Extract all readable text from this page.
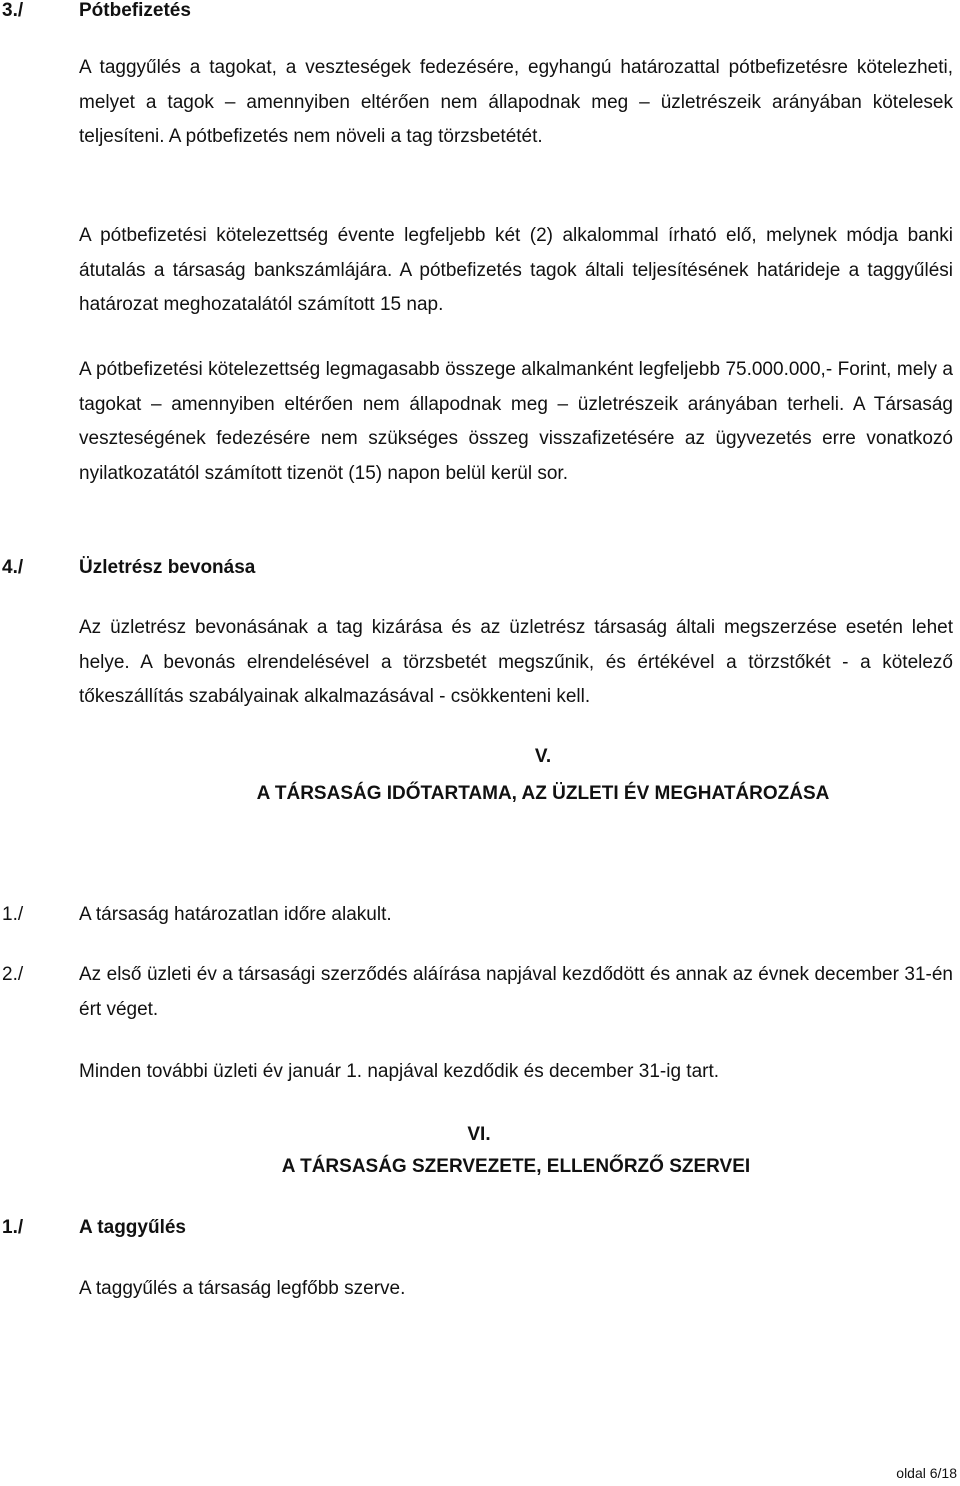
3./	Pótbefizetés

A taggyűlés a tagokat, a veszteségek fedezésére, egyhangú határozattal pótbefizetésre kötelezheti, melyet a tagok – amennyiben eltérően nem állapodnak meg – üzletrészeik arányában kötelesek teljesíteni. A pótbefizetés nem növeli a tag törzsbetétét.

A pótbefizetési kötelezettség évente legfeljebb két (2) alkalommal írható elő, melynek módja banki átutalás a társaság bankszámlájára. A pótbefizetés tagok általi teljesítésének határideje a taggyűlési határozat meghozatalától számított 15 nap.

A pótbefizetési kötelezettség legmagasabb összege alkalmanként legfeljebb 75.000.000,- Forint, mely a tagokat – amennyiben eltérően nem állapodnak meg – üzletrészeik arányában terheli. A Társaság veszteségének fedezésére nem szükséges összeg visszafizetésére az ügyvezetés erre vonatkozó nyilatkozatától számított tizenöt (15) napon belül kerül sor.

4./	Üzletrész bevonása

Az üzletrész bevonásának a tag kizárása és az üzletrész társaság általi megszerzése esetén lehet helye. A bevonás elrendelésével a törzsbetét megszűnik, és értékével a törzstőkét - a kötelező tőkeszállítás szabályainak alkalmazásával - csökkenteni kell.

V.
A TÁRSASÁG IDŐTARTAMA, AZ ÜZLETI ÉV MEGHATÁROZÁSA
1./	A társaság határozatlan időre alakult.
2./	Az első üzleti év a társasági szerződés aláírása napjával kezdődött és annak az évnek december 31-én ért véget.

Minden további üzleti év január 1. napjával kezdődik és december 31-ig tart.
VI.
A TÁRSASÁG SZERVEZETE, ELLENŐRZŐ SZERVEI
1./	A taggyűlés
A taggyűlés a társaság legfőbb szerve.
oldal 6/18
